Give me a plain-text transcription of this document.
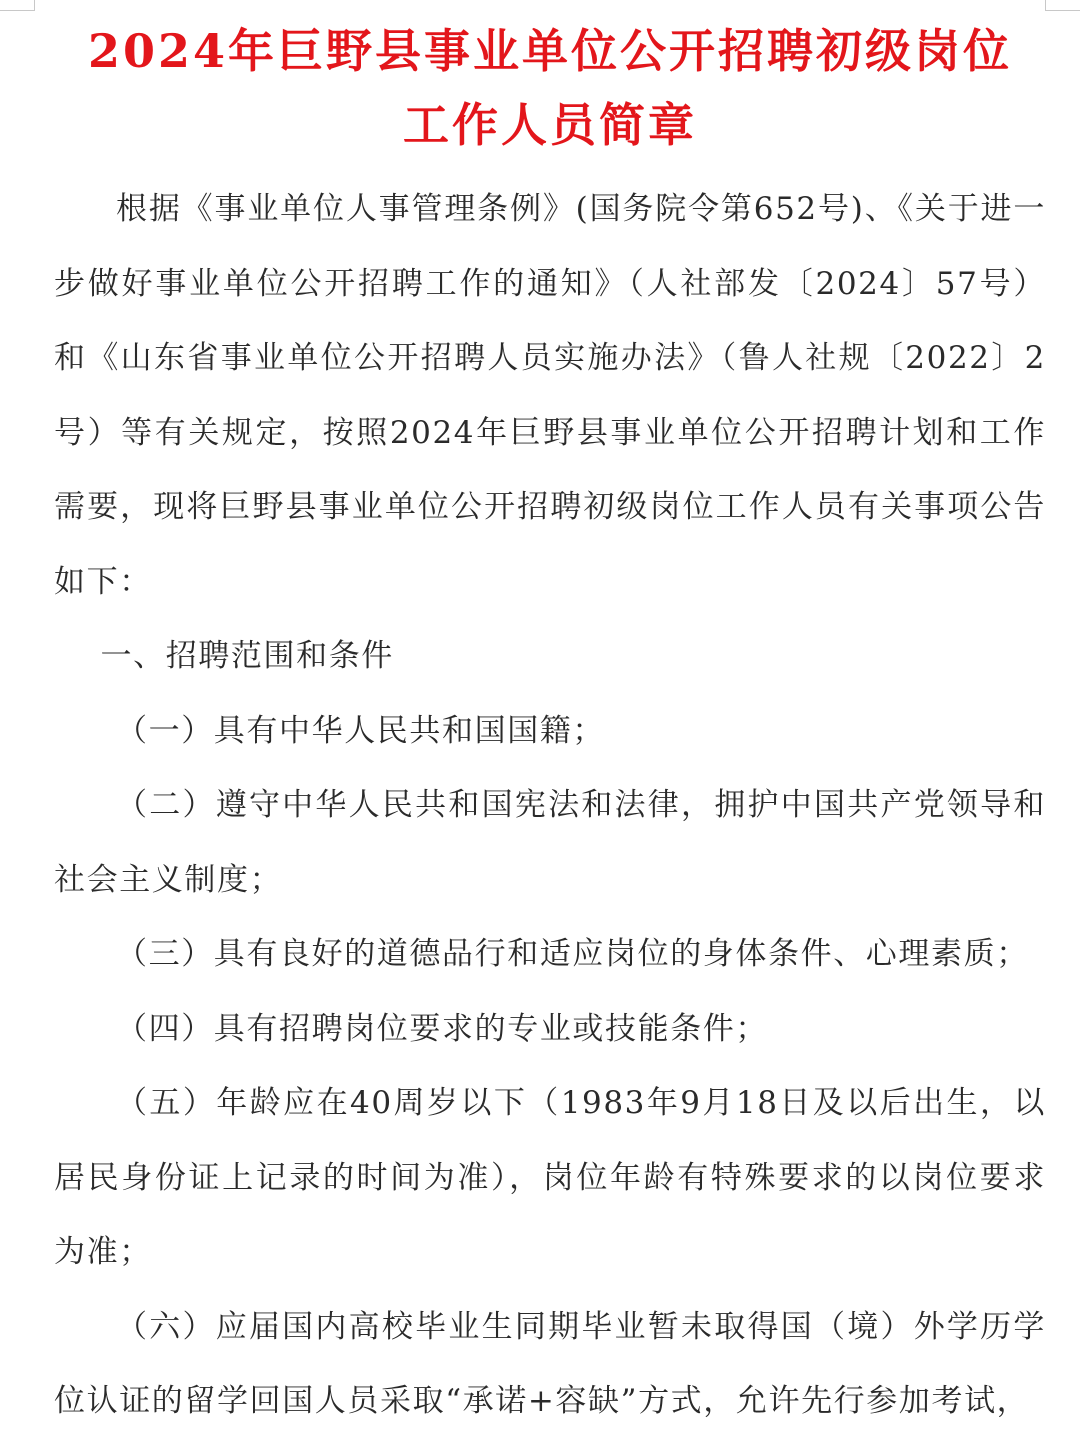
2024年巨野县事业单位公开招聘初级岗位
工作人员简章

根据《事业单位人事管理条例》(国务院令第652号)、《关于进一步做好事业单位公开招聘工作的通知》（人社部发〔2024〕57号）和《山东省事业单位公开招聘人员实施办法》（鲁人社规〔2022〕2号）等有关规定，按照2024年巨野县事业单位公开招聘计划和工作需要，现将巨野县事业单位公开招聘初级岗位工作人员有关事项公告如下：

一、招聘范围和条件

（一）具有中华人民共和国国籍；

（二）遵守中华人民共和国宪法和法律，拥护中国共产党领导和社会主义制度；

（三）具有良好的道德品行和适应岗位的身体条件、心理素质；

（四）具有招聘岗位要求的专业或技能条件；

（五）年龄应在40周岁以下（1983年9月18日及以后出生，以居民身份证上记录的时间为准），岗位年龄有特殊要求的以岗位要求为准；

（六）应届国内高校毕业生同期毕业暂未取得国（境）外学历学位认证的留学回国人员采取“承诺+容缺”方式，允许先行参加考试，
